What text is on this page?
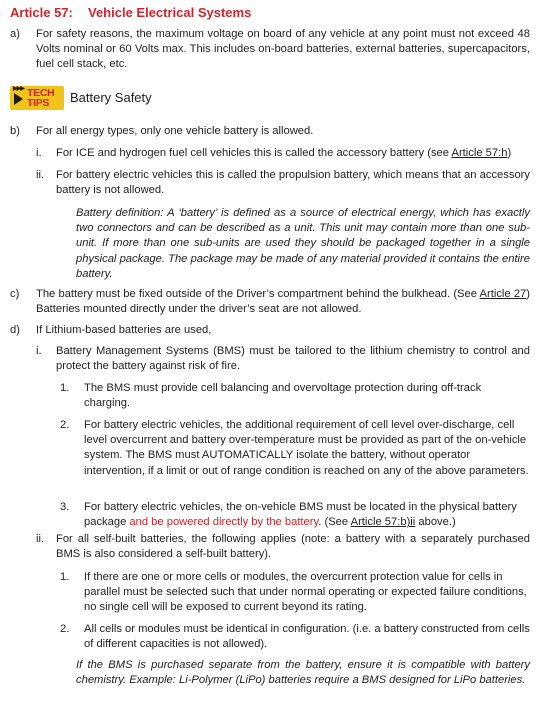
Article 57: Vehicle Electrical Systems
a) For safety reasons, the maximum voltage on board of any vehicle at any point must not exceed 48 Volts nominal or 60 Volts max. This includes on-board batteries, external batteries, supercapacitors, fuel cell stack, etc.
▶▶▶ TECH
TIPS Battery Safety
b) For all energy types, only one vehicle battery is allowed.
i. For ICE and hydrogen fuel cell vehicles this is called the accessory battery (see Article 57:h)
ii. For battery electric vehicles this is called the propulsion battery, which means that an accessory battery is not allowed.
Battery definition: A ‘battery’ is defined as a source of electrical energy, which has exactly two connectors and can be described as a unit. This unit may contain more than one sub-unit. If more than one sub-units are used they should be packaged together in a single physical package. The package may be made of any material provided it contains the entire battery.
c) The battery must be fixed outside of the Driver’s compartment behind the bulkhead. (See Article 27) Batteries mounted directly under the driver’s seat are not allowed.
d) If Lithium-based batteries are used,
i. Battery Management Systems (BMS) must be tailored to the lithium chemistry to control and protect the battery against risk of fire.
1. The BMS must provide cell balancing and overvoltage protection during off-track charging.
2. For battery electric vehicles, the additional requirement of cell level over-discharge, cell level overcurrent and battery over-temperature must be provided as part of the on-vehicle system. The BMS must AUTOMATICALLY isolate the battery, without operator intervention, if a limit or out of range condition is reached on any of the above parameters.
3. For battery electric vehicles, the on-vehicle BMS must be located in the physical battery package and be powered directly by the battery. (See Article 57:b)ii above.)
ii. For all self-built batteries, the following applies (note: a battery with a separately purchased BMS is also considered a self-built battery).
1. If there are one or more cells or modules, the overcurrent protection value for cells in parallel must be selected such that under normal operating or expected failure conditions, no single cell will be exposed to current beyond its rating.
2. All cells or modules must be identical in configuration. (i.e. a battery constructed from cells of different capacities is not allowed).
If the BMS is purchased separate from the battery, ensure it is compatible with battery chemistry. Example: Li-Polymer (LiPo) batteries require a BMS designed for LiPo batteries.
